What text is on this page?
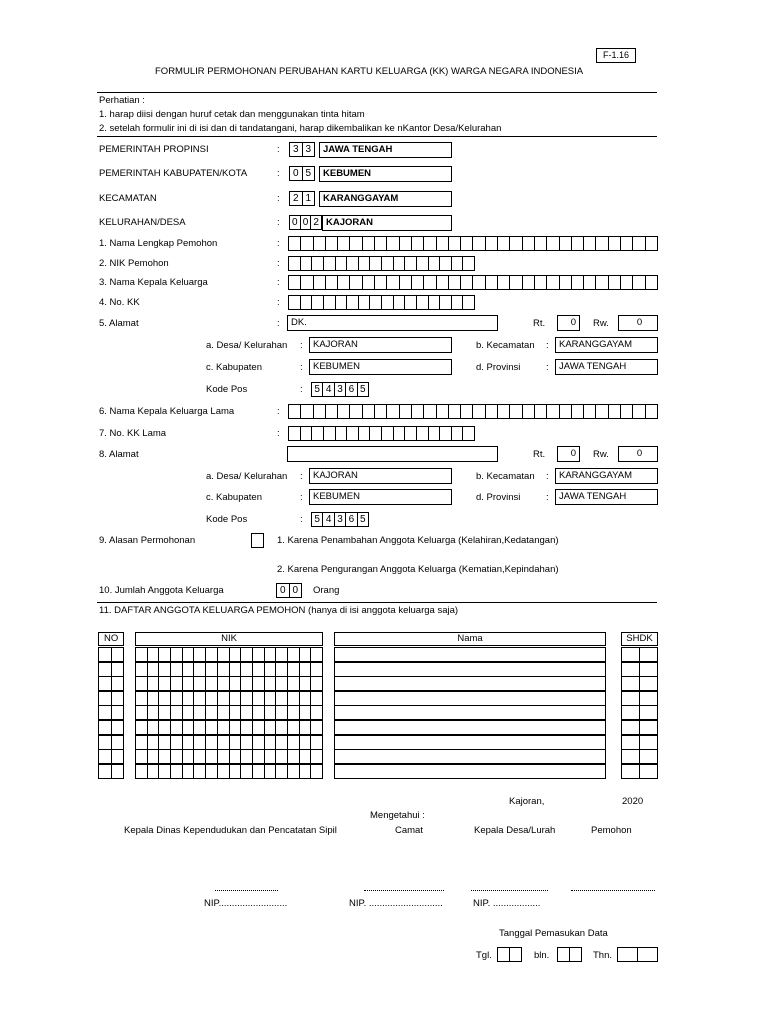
F-1.16
FORMULIR PERMOHONAN PERUBAHAN KARTU KELUARGA (KK) WARGA NEGARA INDONESIA
Perhatian :
1. harap diisi dengan huruf cetak dan menggunakan tinta hitam
2. setelah formulir ini di isi dan di tandatangani, harap dikembalikan ke nKantor Desa/Kelurahan
PEMERINTAH PROPINSI	: 3 3	JAWA TENGAH
PEMERINTAH KABUPATEN/KOTA	: 0 5	KEBUMEN
KECAMATAN	: 2 1	KARANGGAYAM
KELURAHAN/DESA	: 0 0 2 KAJORAN
1. Nama Lengkap Pemohon	:
2. NIK Pemohon	:
3. Nama Kepala Keluarga	:
4. No. KK	:
5. Alamat	:	DK.	Rt.	0	Rw.	0
a. Desa/ Kelurahan :	KAJORAN	b. Kecamatan :	KARANGGAYAM
c. Kabupaten	:	KEBUMEN	d. Provinsi	:	JAWA TENGAH
Kode Pos	: 5 4 3 6 5
6. Nama Kepala Keluarga Lama	:
7. No. KK Lama	:
8. Alamat	Rt.	0	Rw.	0
a. Desa/ Kelurahan :	KAJORAN	b. Kecamatan :	KARANGGAYAM
c. Kabupaten	:	KEBUMEN	d. Provinsi	:	JAWA TENGAH
Kode Pos	: 5 4 3 6 5
9. Alasan Permohonan	1. Karena Penambahan Anggota Keluarga (Kelahiran,Kedatangan)
2. Karena Pengurangan Anggota Keluarga (Kematian,Kepindahan)
10. Jumlah Anggota Keluarga	0 0	Orang
11. DAFTAR ANGGOTA KELUARGA PEMOHON (hanya di isi anggota keluarga saja)
NO	NIK	Nama	SHDK
Kajoran,	2020
Mengetahui :
Kepala Dinas Kependudukan dan Pencatatan Sipil	Camat	Kepala Desa/Lurah	Pemohon
NIP..........................	NIP. ............................	NIP. ..................
Tanggal Pemasukan Data
Tgl.	bln.	Thn.
